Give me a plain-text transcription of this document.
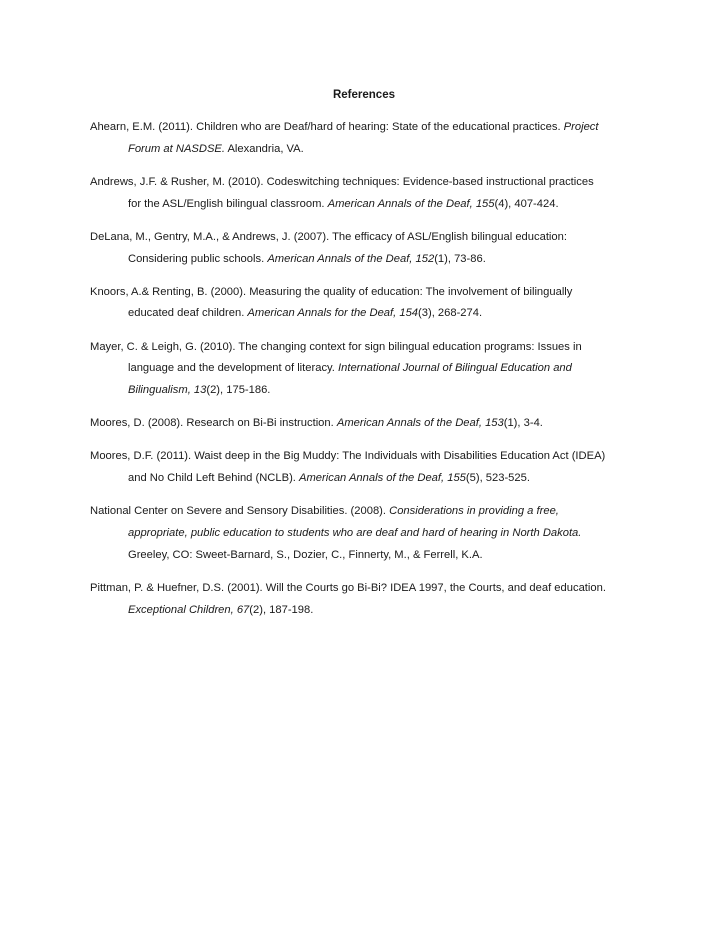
References
Ahearn, E.M. (2011). Children who are Deaf/hard of hearing: State of the educational practices. Project
Forum at NASDSE. Alexandria, VA.
Andrews, J.F. & Rusher, M. (2010). Codeswitching techniques: Evidence-based instructional practices
for the ASL/English bilingual classroom. American Annals of the Deaf, 155(4), 407-424.
DeLana, M., Gentry, M.A., & Andrews, J. (2007). The efficacy of ASL/English bilingual education:
Considering public schools. American Annals of the Deaf, 152(1), 73-86.
Knoors, A.& Renting, B. (2000). Measuring the quality of education: The involvement of bilingually
educated deaf children. American Annals for the Deaf, 154(3), 268-274.
Mayer, C. & Leigh, G. (2010). The changing context for sign bilingual education programs: Issues in
language and the development of literacy. International Journal of Bilingual Education and
Bilingualism, 13(2), 175-186.
Moores, D. (2008). Research on Bi-Bi instruction. American Annals of the Deaf, 153(1), 3-4.
Moores, D.F. (2011). Waist deep in the Big Muddy: The Individuals with Disabilities Education Act (IDEA)
and No Child Left Behind (NCLB). American Annals of the Deaf, 155(5), 523-525.
National Center on Severe and Sensory Disabilities. (2008). Considerations in providing a free,
appropriate, public education to students who are deaf and hard of hearing in North Dakota.
Greeley, CO: Sweet-Barnard, S., Dozier, C., Finnerty, M., & Ferrell, K.A.
Pittman, P. & Huefner, D.S. (2001). Will the Courts go Bi-Bi? IDEA 1997, the Courts, and deaf education.
Exceptional Children, 67(2), 187-198.
